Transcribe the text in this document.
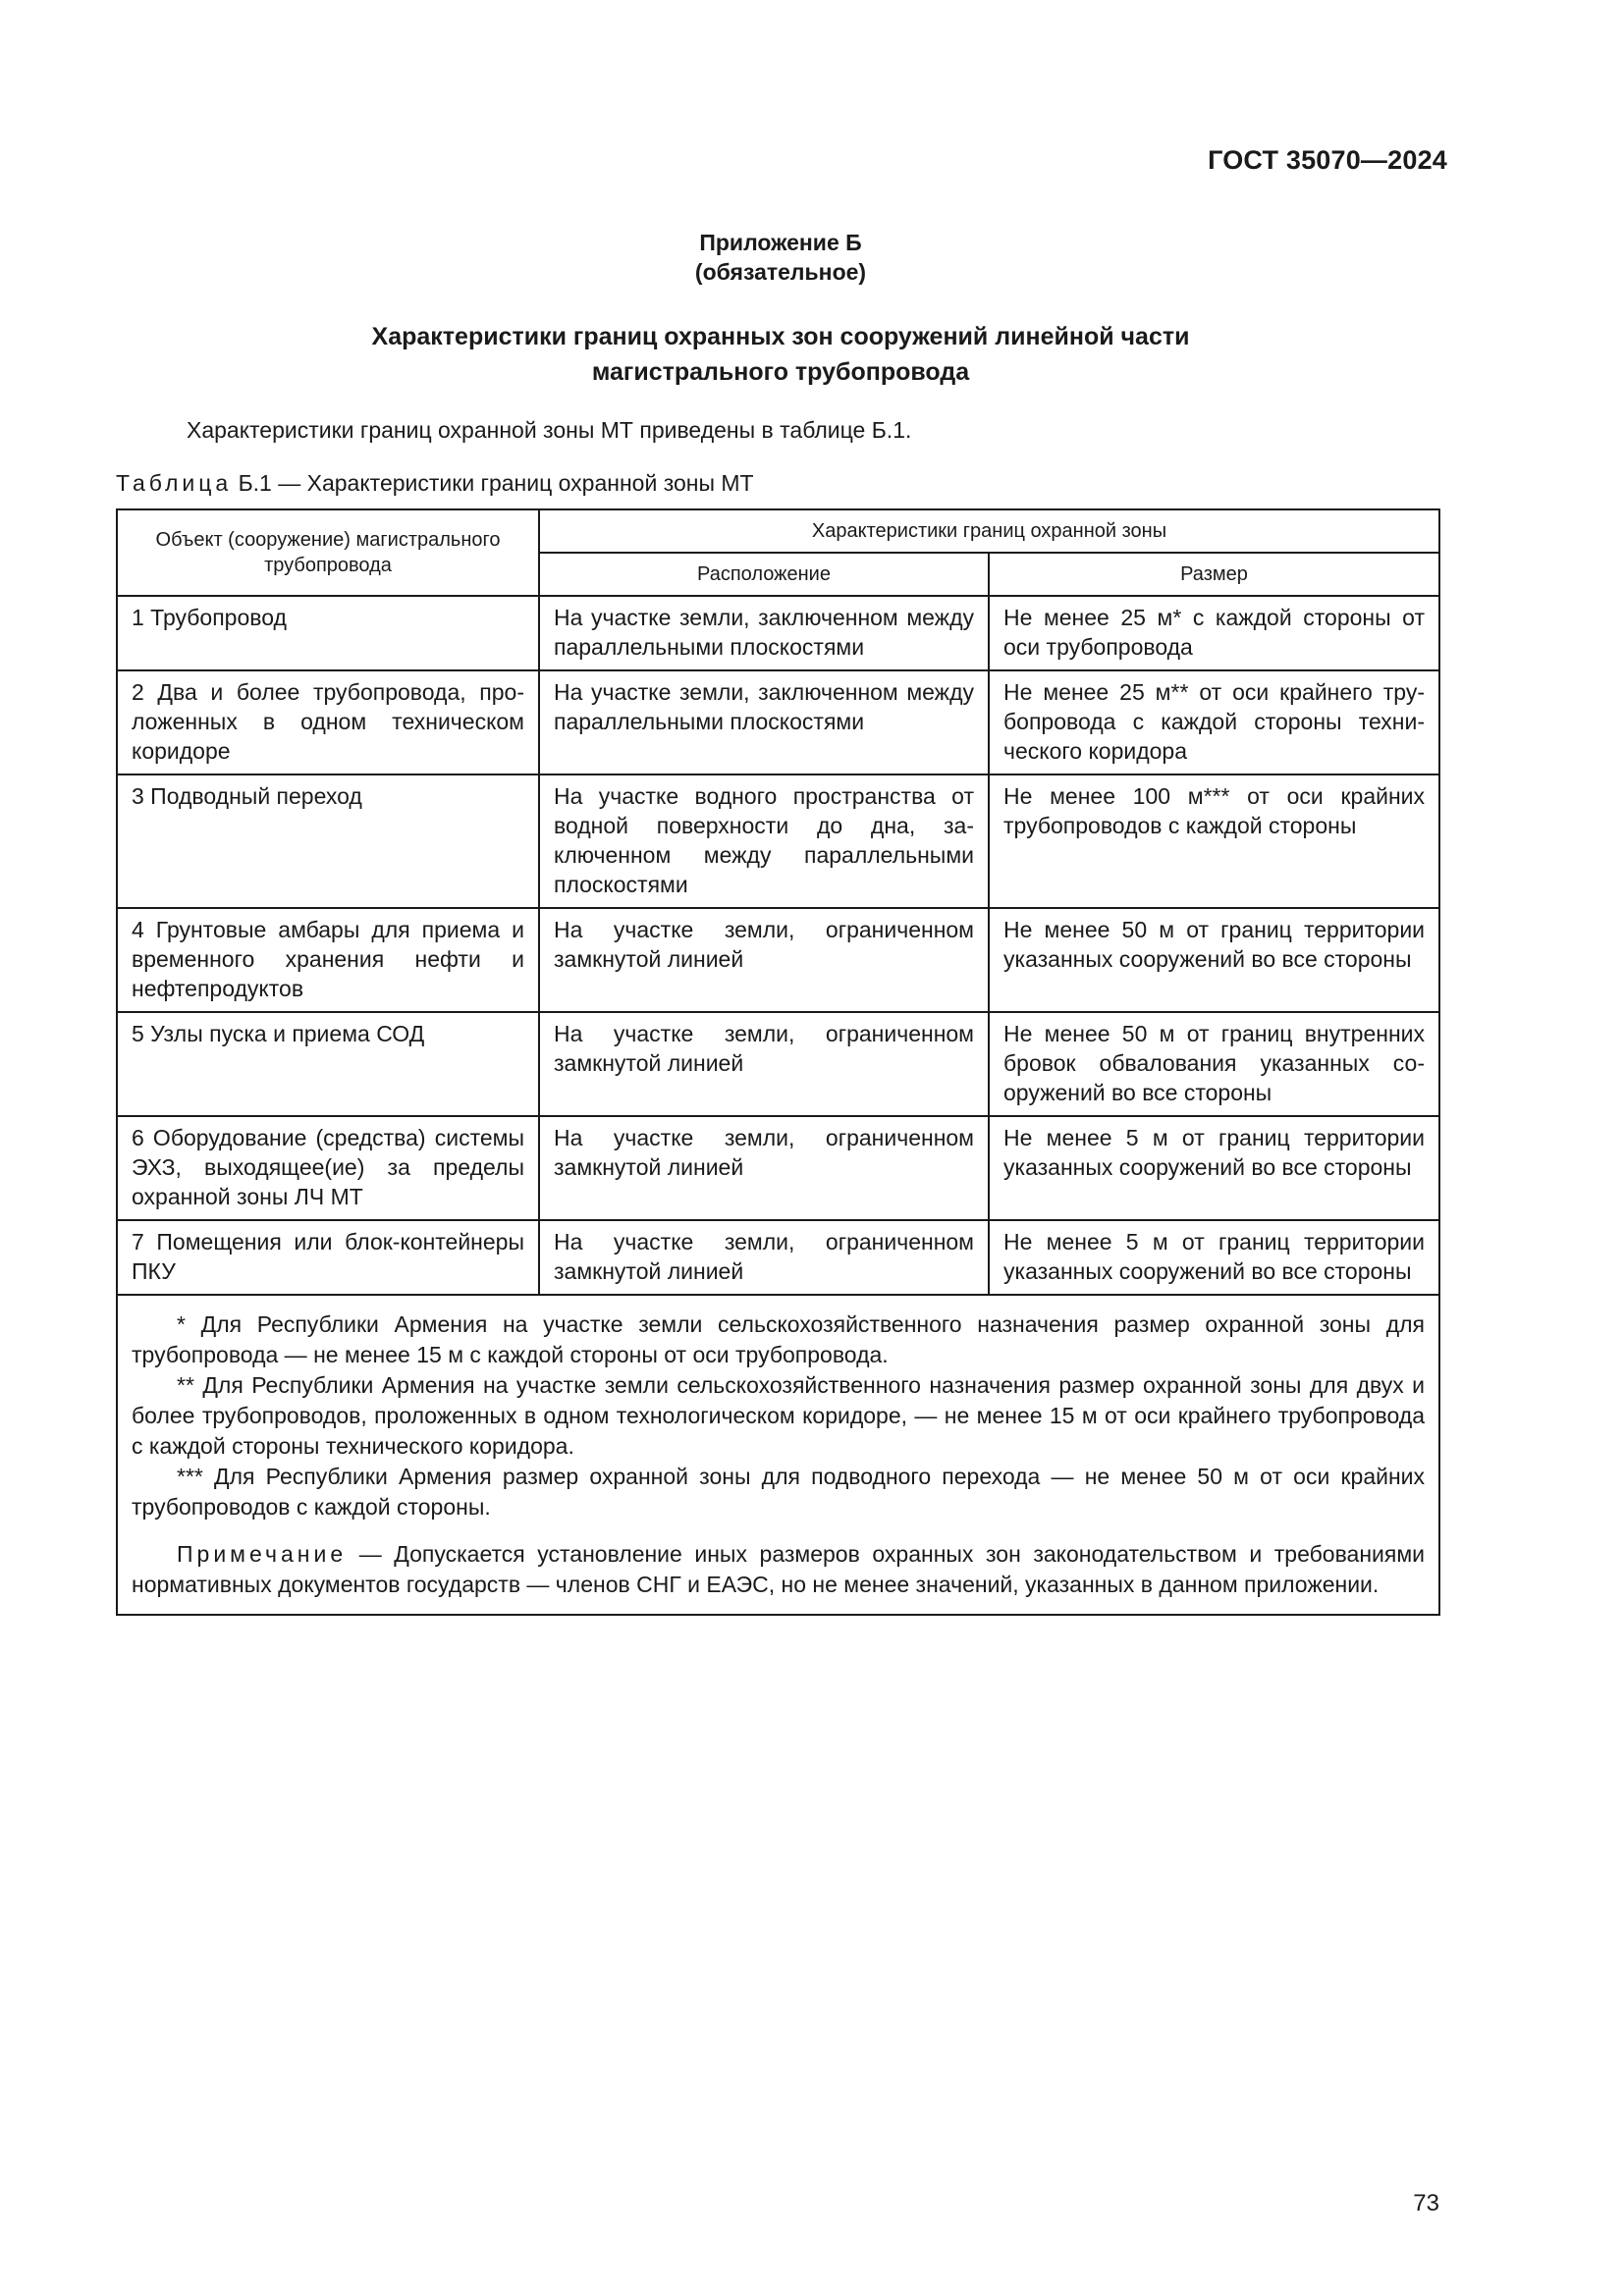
ГОСТ 35070—2024
Приложение Б
(обязательное)
Характеристики границ охранных зон сооружений линейной части
магистрального трубопровода
Характеристики границ охранной зоны МТ приведены в таблице Б.1.
Таблица Б.1 — Характеристики границ охранной зоны МТ
Объект (сооружение) магистрального трубопровода	Характеристики границ охранной зоны	
	Расположение	Размер
1 Трубопровод	На участке земли, заключенном между параллельными плоскостями	Не менее 25 м* с каждой стороны от оси трубопровода
2 Два и более трубопровода, проложенных в одном техническом коридоре	На участке земли, заключенном между параллельными плоскостями	Не менее 25 м** от оси крайнего трубопровода с каждой стороны технического коридора
3 Подводный переход	На участке водного пространства от водной поверхности до дна, заключенном между параллельными плоскостями	Не менее 100 м*** от оси крайних трубопроводов с каждой стороны
4 Грунтовые амбары для приема и временного хранения нефти и нефтепродуктов	На участке земли, ограниченном замкнутой линией	Не менее 50 м от границ территории указанных сооружений во все стороны
5 Узлы пуска и приема СОД	На участке земли, ограниченном замкнутой линией	Не менее 50 м от границ внутренних бровок обвалования указанных сооружений во все стороны
6 Оборудование (средства) системы ЭХЗ, выходящее(ие) за пределы охранной зоны ЛЧ МТ	На участке земли, ограниченном замкнутой линией	Не менее 5 м от границ территории указанных сооружений во все стороны
7 Помещения или блок-контейнеры ПКУ	На участке земли, ограниченном замкнутой линией	Не менее 5 м от границ территории указанных сооружений во все стороны

* Для Республики Армения на участке земли сельскохозяйственного назначения размер охранной зоны для трубопровода — не менее 15 м с каждой стороны от оси трубопровода.

** Для Республики Армения на участке земли сельскохозяйственного назначения размер охранной зоны для двух и более трубопроводов, проложенных в одном технологическом коридоре, — не менее 15 м от оси крайнего трубопровода с каждой стороны технического коридора.

*** Для Республики Армения размер охранной зоны для подводного перехода — не менее 50 м от оси крайних трубопроводов с каждой стороны.

Примечание — Допускается установление иных размеров охранных зон законодательством и требованиями нормативных документов государств — членов СНГ и ЕАЭС, но не менее значений, указанных в данном приложении.		

73
